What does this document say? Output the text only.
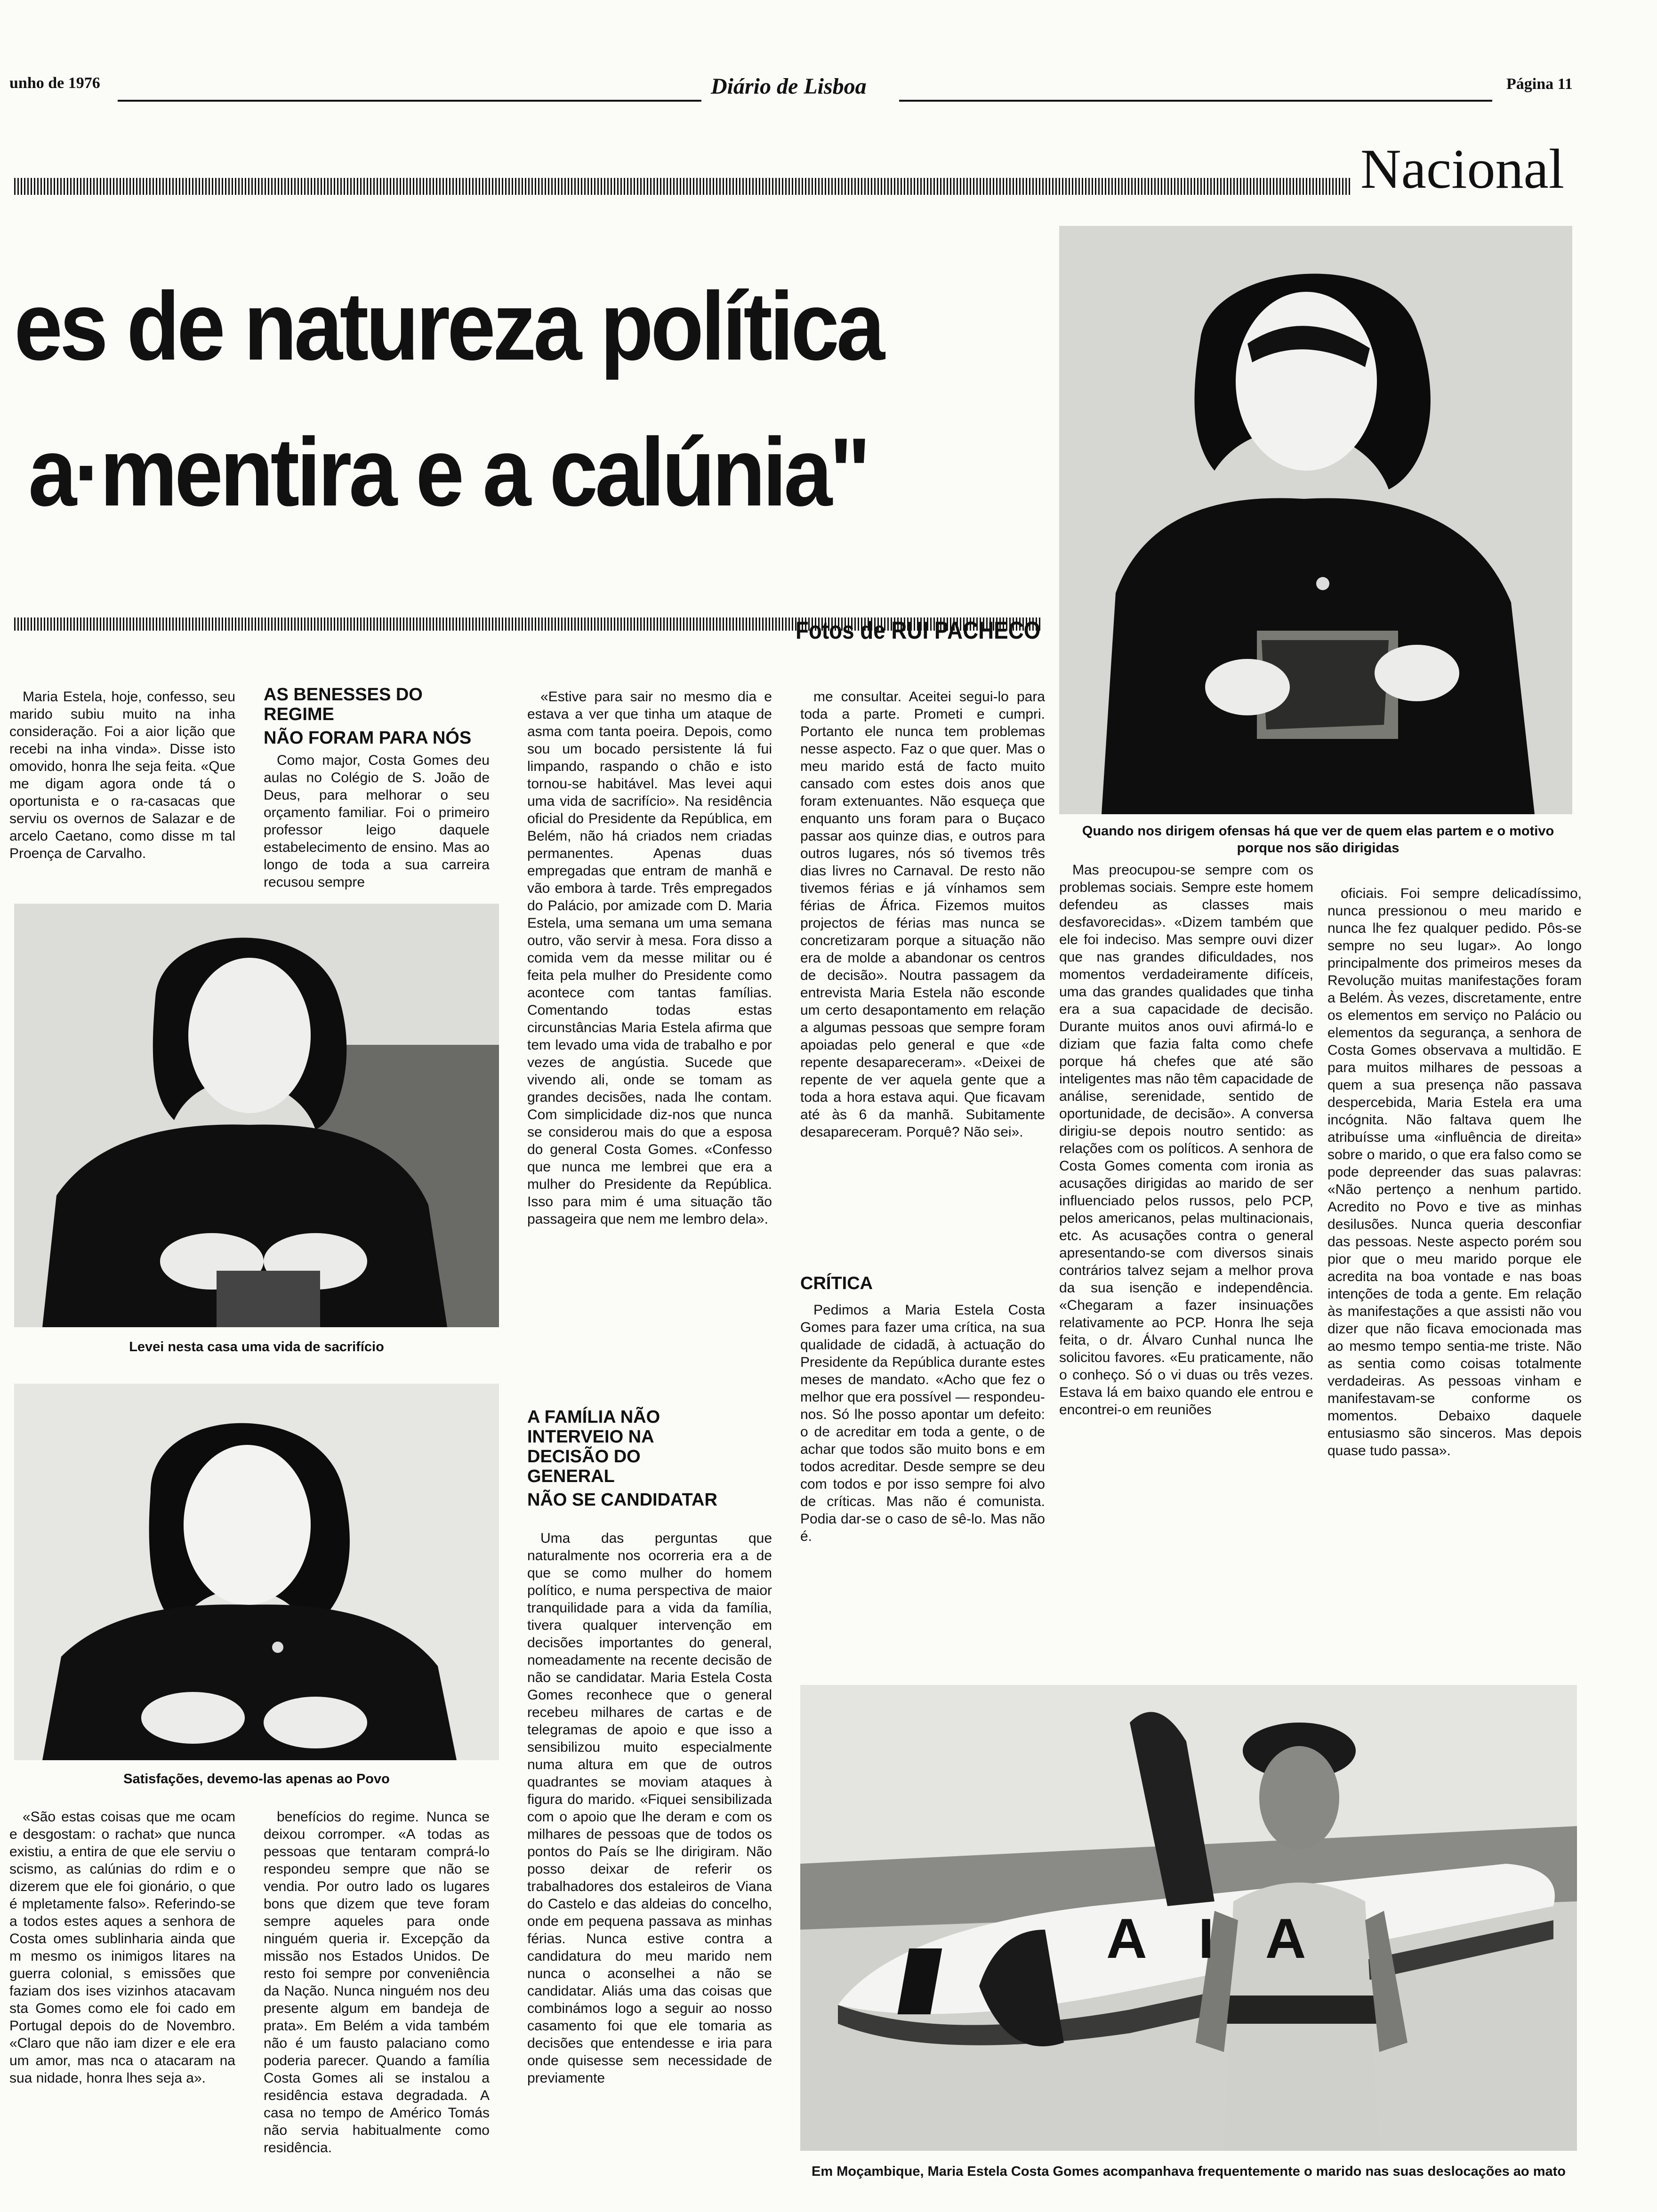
unho de 1976	Diário de Lisboa	Página 11
Nacional
es de natureza política
a·mentira e a calúnia"
Fotos de RUI PACHECO
Quando nos dirigem ofensas há que ver de quem elas partem e o motivo porque nos são dirigidas

Maria Estela, hoje, confesso, seu marido subiu muito na inha consideração. Foi a aior lição que recebi na inha vinda». Disse isto omovido, honra lhe seja feita. «Que me digam agora onde tá o oportunista e o ra-casacas que serviu os overnos de Salazar e de arcelo Caetano, como disse m tal Proença de Carvalho.

Levei nesta casa uma vida de sacrifício
Satisfações, devemo-las apenas ao Povo

«São estas coisas que me ocam e desgostam: o rachat» que nunca existiu, a entira de que ele serviu o scismo, as calúnias do rdim e o dizerem que ele foi gionário, o que é mpletamente falso». Referindo-se a todos estes aques a senhora de Costa omes sublinharia ainda que m mesmo os inimigos litares na guerra colonial, s emissões que faziam dos ises vizinhos atacavam sta Gomes como ele foi cado em Portugal depois do de Novembro. «Claro que não iam dizer e ele era um amor, mas nca o atacaram na sua nidade, honra lhes seja a».

AS BENESSES DO REGIME
NÃO FORAM PARA NÓS

Como major, Costa Gomes deu aulas no Colégio de S. João de Deus, para melhorar o seu orçamento familiar. Foi o primeiro professor leigo daquele estabelecimento de ensino. Mas ao longo de toda a sua carreira recusou sempre

benefícios do regime. Nunca se deixou corromper. «A todas as pessoas que tentaram comprá-lo respondeu sempre que não se vendia. Por outro lado os lugares bons que dizem que teve foram sempre aqueles para onde ninguém queria ir. Excepção da missão nos Estados Unidos. De resto foi sempre por conveniência da Nação. Nunca ninguém nos deu presente algum em bandeja de prata». Em Belém a vida também não é um fausto palaciano como poderia parecer. Quando a família Costa Gomes ali se instalou a residência estava degradada. A casa no tempo de Américo Tomás não servia habitualmente como residência.

«Estive para sair no mesmo dia e estava a ver que tinha um ataque de asma com tanta poeira. Depois, como sou um bocado persistente lá fui limpando, raspando o chão e isto tornou-se habitável. Mas levei aqui uma vida de sacrifício». Na residência oficial do Presidente da República, em Belém, não há criados nem criadas permanentes. Apenas duas empregadas que entram de manhã e vão embora à tarde. Três empregados do Palácio, por amizade com D. Maria Estela, uma semana um uma semana outro, vão servir à mesa. Fora disso a comida vem da messe militar ou é feita pela mulher do Presidente como acontece com tantas famílias. Comentando todas estas circunstâncias Maria Estela afirma que tem levado uma vida de trabalho e por vezes de angústia. Sucede que vivendo ali, onde se tomam as grandes decisões, nada lhe contam. Com simplicidade diz-nos que nunca se considerou mais do que a esposa do general Costa Gomes. «Confesso que nunca me lembrei que era a mulher do Presidente da República. Isso para mim é uma situação tão passageira que nem me lembro dela».

A FAMÍLIA NÃO INTERVEIO NA DECISÃO DO GENERAL
NÃO SE CANDIDATAR

Uma das perguntas que naturalmente nos ocorreria era a de que se como mulher do homem político, e numa perspectiva de maior tranquilidade para a vida da família, tivera qualquer intervenção em decisões importantes do general, nomeadamente na recente decisão de não se candidatar. Maria Estela Costa Gomes reconhece que o general recebeu milhares de cartas e de telegramas de apoio e que isso a sensibilizou muito especialmente numa altura em que de outros quadrantes se moviam ataques à figura do marido. «Fiquei sensibilizada com o apoio que lhe deram e com os milhares de pessoas que de todos os pontos do País se lhe dirigiram. Não posso deixar de referir os trabalhadores dos estaleiros de Viana do Castelo e das aldeias do concelho, onde em pequena passava as minhas férias. Nunca estive contra a candidatura do meu marido nem nunca o aconselhei a não se candidatar. Aliás uma das coisas que combinámos logo a seguir ao nosso casamento foi que ele tomaria as decisões que entendesse e iria para onde quisesse sem necessidade de previamente

me consultar. Aceitei segui-lo para toda a parte. Prometi e cumpri. Portanto ele nunca tem problemas nesse aspecto. Faz o que quer. Mas o meu marido está de facto muito cansado com estes dois anos que foram extenuantes. Não esqueça que enquanto uns foram para o Buçaco passar aos quinze dias, e outros para outros lugares, nós só tivemos três dias livres no Carnaval. De resto não tivemos férias e já vínhamos sem férias de África. Fizemos muitos projectos de férias mas nunca se concretizaram porque a situação não era de molde a abandonar os centros de decisão». Noutra passagem da entrevista Maria Estela não esconde um certo desapontamento em relação a algumas pessoas que sempre foram apoiadas pelo general e que «de repente desapareceram». «Deixei de repente de ver aquela gente que a toda a hora estava aqui. Que ficavam até às 6 da manhã. Subitamente desapareceram. Porquê? Não sei».

CRÍTICA

Pedimos a Maria Estela Costa Gomes para fazer uma crítica, na sua qualidade de cidadã, à actuação do Presidente da República durante estes meses de mandato. «Acho que fez o melhor que era possível — respondeu-nos. Só lhe posso apontar um defeito: o de acreditar em toda a gente, o de achar que todos são muito bons e em todos acreditar. Desde sempre se deu com todos e por isso sempre foi alvo de críticas. Mas não é comunista. Podia dar-se o caso de sê-lo. Mas não é.

Mas preocupou-se sempre com os problemas sociais. Sempre este homem defendeu as classes mais desfavorecidas». «Dizem também que ele foi indeciso. Mas sempre ouvi dizer que nas grandes dificuldades, nos momentos verdadeiramente difíceis, uma das grandes qualidades que tinha era a sua capacidade de decisão. Durante muitos anos ouvi afirmá-lo e diziam que fazia falta como chefe porque há chefes que até são inteligentes mas não têm capacidade de análise, serenidade, sentido de oportunidade, de decisão». A conversa dirigiu-se depois noutro sentido: as relações com os políticos. A senhora de Costa Gomes comenta com ironia as acusações dirigidas ao marido de ser influenciado pelos russos, pelo PCP, pelos americanos, pelas multinacionais, etc. As acusações contra o general apresentando-se com diversos sinais contrários talvez sejam a melhor prova da sua isenção e independência. «Chegaram a fazer insinuações relativamente ao PCP. Honra lhe seja feita, o dr. Álvaro Cunhal nunca lhe solicitou favores. «Eu praticamente, não o conheço. Só o vi duas ou três vezes. Estava lá em baixo quando ele entrou e encontrei-o em reuniões

oficiais. Foi sempre delicadíssimo, nunca pressionou o meu marido e nunca lhe fez qualquer pedido. Pôs-se sempre no seu lugar». Ao longo principalmente dos primeiros meses da Revolução muitas manifestações foram a Belém. Às vezes, discretamente, entre os elementos em serviço no Palácio ou elementos da segurança, a senhora de Costa Gomes observava a multidão. E para muitos milhares de pessoas a quem a sua presença não passava despercebida, Maria Estela era uma incógnita. Não faltava quem lhe atribuísse uma «influência de direita» sobre o marido, o que era falso como se pode depreender das suas palavras: «Não pertenço a nenhum partido. Acredito no Povo e tive as minhas desilusões. Nunca queria desconfiar das pessoas. Neste aspecto porém sou pior que o meu marido porque ele acredita na boa vontade e nas boas intenções de toda a gente. Em relação às manifestações a que assisti não vou dizer que não ficava emocionada mas ao mesmo tempo sentia-me triste. Não as sentia como coisas totalmente verdadeiras. As pessoas vinham e manifestavam-se conforme os momentos. Debaixo daquele entusiasmo são sinceros. Mas depois quase tudo passa».

A I A
Em Moçambique, Maria Estela Costa Gomes acompanhava frequentemente o marido nas suas deslocações ao mato
